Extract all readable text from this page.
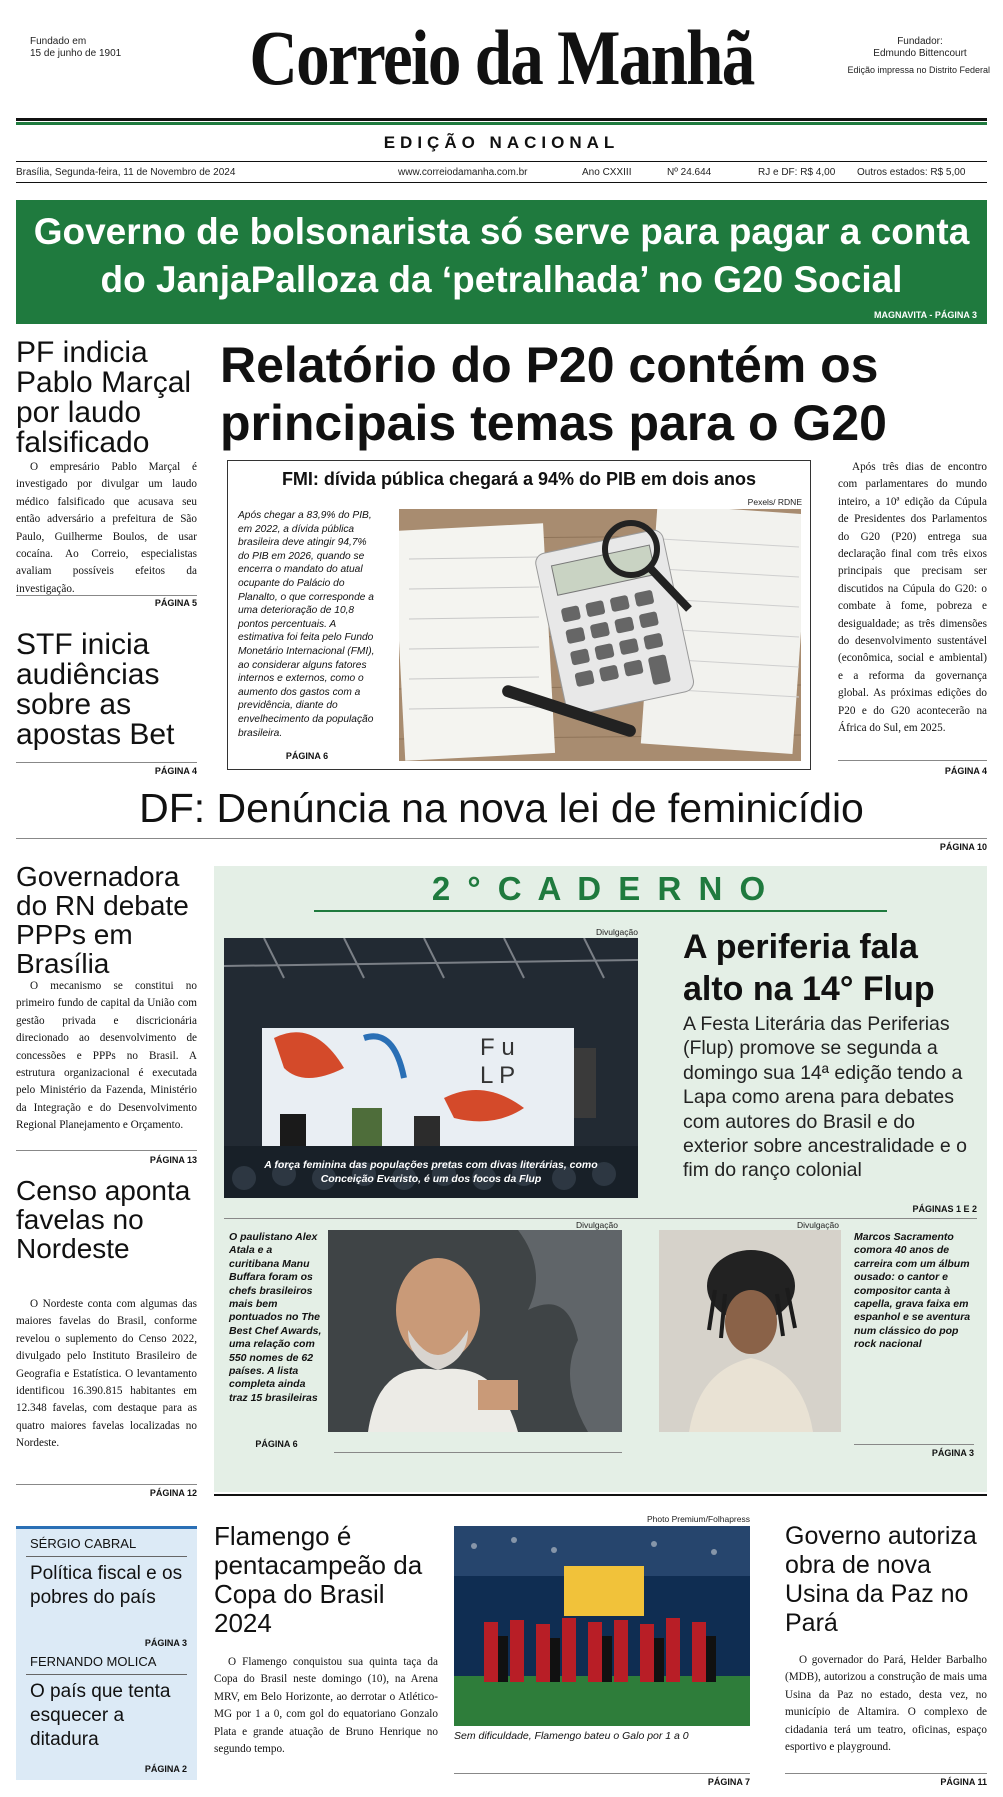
Fundado em
15 de junho de 1901	Correio da Manhã	Fundador:
Edmundo Bittencourt
Edição impressa no Distrito Federal
EDIÇÃO NACIONAL
Brasília, Segunda-feira, 11 de Novembro de 2024	www.correiodamanha.com.br	Ano CXXIII	Nº 24.644	RJ e DF: R$ 4,00 Outros estados: R$ 5,00
Governo de bolsonarista só serve para pagar a conta do JanjaPalloza da ‘petralhada’ no G20 Social
MAGNAVITA - PÁGINA 3
PF indicia Pablo Marçal por laudo falsificado
O empresário Pablo Marçal é investigado por divulgar um laudo médico falsificado que acusava seu então adversário a prefeitura de São Paulo, Guilherme Boulos, de usar cocaína. Ao Correio, especialistas avaliam possíveis efeitos da investigação.
PÁGINA 5
STF inicia audiências sobre as apostas Bet
PÁGINA 4
Relatório do P20 contém os principais temas para o G20
FMI: dívida pública chegará a 94% do PIB em dois anos
Pexels/ RDNE
Após chegar a 83,9% do PIB, em 2022, a dívida pública brasileira deve atingir 94,7% do PIB em 2026, quando se encerra o mandato do atual ocupante do Palácio do Planalto, o que corresponde a uma deterioração de 10,8 pontos percentuais. A estimativa foi feita pelo Fundo Monetário Internacional (FMI), ao considerar alguns fatores internos e externos, como o aumento dos gastos com a previdência, diante do envelhecimento da população brasileira.
PÁGINA 6
Após três dias de encontro com parlamentares do mundo inteiro, a 10ª edição da Cúpula de Presidentes dos Parlamentos do G20 (P20) entrega sua declaração final com três eixos principais que precisam ser discutidos na Cúpula do G20: o combate à fome, pobreza e desigualdade; as três dimensões do desenvolvimento sustentável (econômica, social e ambiental) e a reforma da governança global. As próximas edições do P20 e do G20 acontecerão na África do Sul, em 2025.
PÁGINA 4
DF: Denúncia na nova lei de feminicídio
PÁGINA 10
Governadora do RN debate PPPs em Brasília
O mecanismo se constitui no primeiro fundo de capital da União com gestão privada e discricionária direcionado ao desenvolvimento de concessões e PPPs no Brasil. A estrutura organizacional é executada pelo Ministério da Fazenda, Ministério da Integração e do Desenvolvimento Regional Planejamento e Orçamento.
PÁGINA 13
Censo aponta favelas no Nordeste
O Nordeste conta com algumas das maiores favelas do Brasil, conforme revelou o suplemento do Censo 2022, divulgado pelo Instituto Brasileiro de Geografia e Estatística. O levantamento identificou 16.390.815 habitantes em 12.348 favelas, com destaque para as quatro maiores favelas localizadas no Nordeste.
PÁGINA 12
2 ° C A D E R N O
Divulgação
F u
L P
A força feminina das populações pretas com divas literárias, como Conceição Evaristo, é um dos focos da Flup
A periferia fala alto na 14° Flup
A Festa Literária das Periferias (Flup) promove se segunda a domingo sua 14ª edição tendo a Lapa como arena para debates com autores do Brasil e do exterior sobre ancestralidade e o fim do ranço colonial
PÁGINAS 1 E 2
O paulistano Alex Atala e a curitibana Manu Buffara foram os chefs brasileiros mais bem pontuados no The Best Chef Awards, uma relação com 550 nomes de 62 países. A lista completa ainda traz 15 brasileiras
Divulgação
PÁGINA 6
Divulgação
Marcos Sacramento comora 40 anos de carreira com um álbum ousado: o cantor e compositor canta à capella, grava faixa em espanhol e se aventura num clássico do pop rock nacional
PÁGINA 3
SÉRGIO CABRAL
Política fiscal e os pobres do país
PÁGINA 3
FERNANDO MOLICA
O país que tenta esquecer a ditadura
PÁGINA 2
Flamengo é pentacampeão da Copa do Brasil 2024
O Flamengo conquistou sua quinta taça da Copa do Brasil neste domingo (10), na Arena MRV, em Belo Horizonte, ao derrotar o Atlético-MG por 1 a 0, com gol do equatoriano Gonzalo Plata e grande atuação de Bruno Henrique no segundo tempo.
Photo Premium/Folhapress
Sem dificuldade, Flamengo bateu o Galo por 1 a 0
PÁGINA 7
Governo autoriza obra de nova Usina da Paz no Pará
O governador do Pará, Helder Barbalho (MDB), autorizou a construção de mais uma Usina da Paz no estado, desta vez, no município de Altamira. O complexo de cidadania terá um teatro, oficinas, espaço esportivo e playground.
PÁGINA 11
